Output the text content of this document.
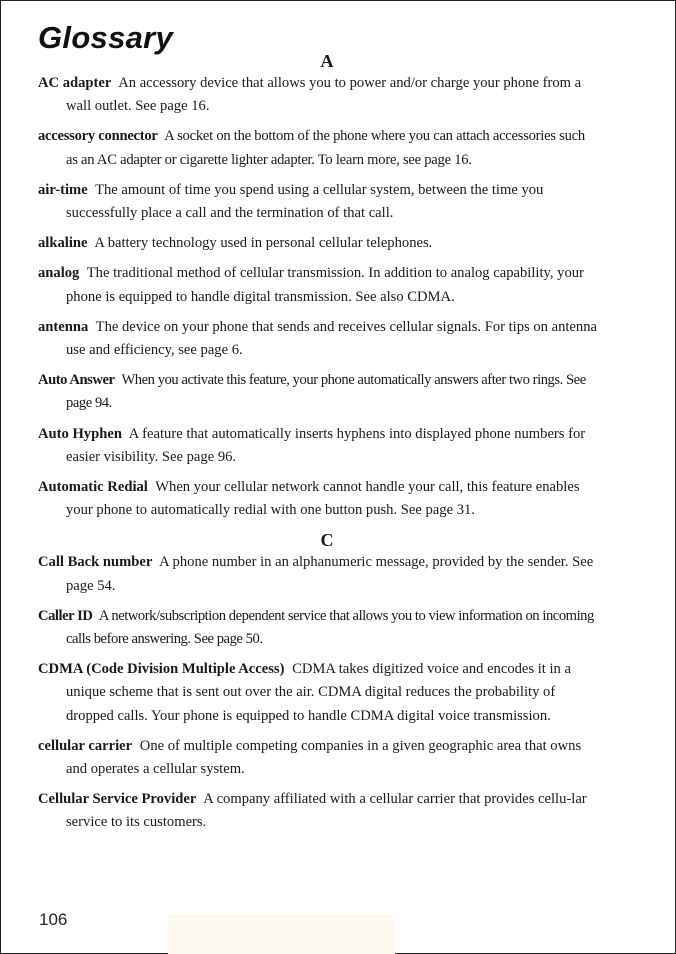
Glossary
A
AC adapter An accessory device that allows you to power and/or charge your phone from a wall outlet. See page 16.
accessory connector A socket on the bottom of the phone where you can attach accessories such as an AC adapter or cigarette lighter adapter. To learn more, see page 16.
air-time The amount of time you spend using a cellular system, between the time you successfully place a call and the termination of that call.
alkaline A battery technology used in personal cellular telephones.
analog The traditional method of cellular transmission. In addition to analog capability, your phone is equipped to handle digital transmission. See also CDMA.
antenna The device on your phone that sends and receives cellular signals. For tips on antenna use and efficiency, see page 6.
Auto Answer When you activate this feature, your phone automatically answers after two rings. See page 94.
Auto Hyphen A feature that automatically inserts hyphens into displayed phone numbers for easier visibility. See page 96.
Automatic Redial When your cellular network cannot handle your call, this feature enables your phone to automatically redial with one button push. See page 31.
C
Call Back number A phone number in an alphanumeric message, provided by the sender. See page 54.
Caller ID A network/subscription dependent service that allows you to view information on incoming calls before answering. See page 50.
CDMA (Code Division Multiple Access) CDMA takes digitized voice and encodes it in a unique scheme that is sent out over the air. CDMA digital reduces the probability of dropped calls. Your phone is equipped to handle CDMA digital voice transmission.
cellular carrier One of multiple competing companies in a given geographic area that owns and operates a cellular system.
Cellular Service Provider A company affiliated with a cellular carrier that provides cellu-lar service to its customers.
106
